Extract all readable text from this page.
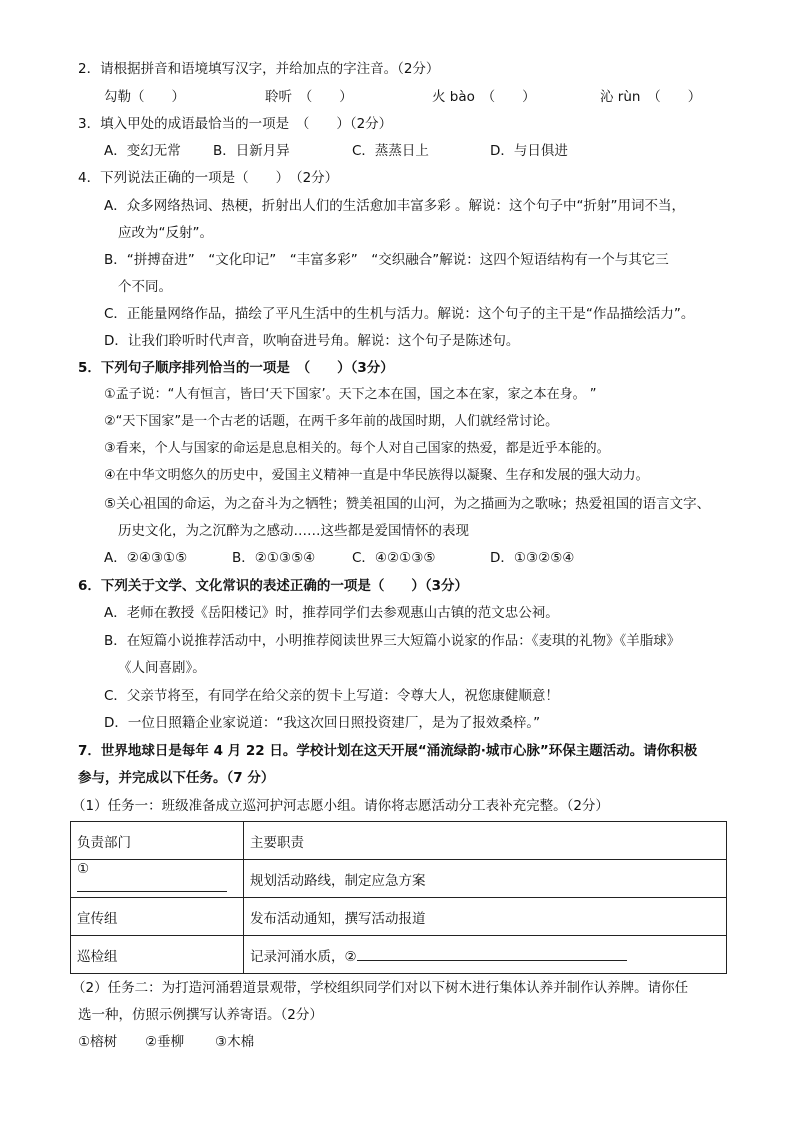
2．请根据拼音和语境填写汉字，并给加点的字注音。（2分）
勾勒（　　）	聆听　（　　）	火 bào　（　　）	沁 rùn　（　　）
3．填入甲处的成语最恰当的一项是　（　　）（2分）
A．变幻无常 B．日新月异	C．蒸蒸日上	D．与日俱进
4．下列说法正确的一项是（　　）　（2分）
A．众多网络热词、热梗，折射出人们的生活愈加丰富多彩 。解说：这个句子中“折射”用词不当，
应改为“反射”。
B．“拼搏奋进”　“文化印记”　“丰富多彩”　“交织融合”解说：这四个短语结构有一个与其它三
个不同。
C．正能量网络作品，描绘了平凡生活中的生机与活力。解说：这个句子的主干是“作品描绘活力”。
D．让我们聆听时代声音，吹响奋进号角。解说：这个句子是陈述句。
5．下列句子顺序排列恰当的一项是　（　　）（3分）
①孟子说：“人有恒言，皆曰‘天下国家’。天下之本在国，国之本在家，家之本在身。 ”
②“天下国家”是一个古老的话题，在两千多年前的战国时期，人们就经常讨论。
③看来，个人与国家的命运是息息相关的。每个人对自己国家的热爱，都是近乎本能的。
④在中华文明悠久的历史中，爱国主义精神一直是中华民族得以凝聚、生存和发展的强大动力。
⑤关心祖国的命运，为之奋斗为之牺牲；赞美祖国的山河，为之描画为之歌咏；热爱祖国的语言文字、
历史文化，为之沉醉为之感动……这些都是爱国情怀的表现
A．②④③①⑤	B．②①③⑤④	C．④②①③⑤	D．①③②⑤④
6．下列关于文学、文化常识的表述正确的一项是（　　）（3分）
A．老师在教授《岳阳楼记》时，推荐同学们去参观惠山古镇的范文忠公祠。
B．在短篇小说推荐活动中，小明推荐阅读世界三大短篇小说家的作品：《麦琪的礼物》《羊脂球》
《人间喜剧》。
C．父亲节将至，有同学在给父亲的贺卡上写道：令尊大人，祝您康健顺意！
D．一位日照籍企业家说道：“我这次回日照投资建厂，是为了报效桑梓。”
7．世界地球日是每年 4 月 22 日。学校计划在这天开展“涌流绿韵·城市心脉”环保主题活动。请你积极
参与，并完成以下任务。（7 分）
（1）任务一：班级准备成立巡河护河志愿小组。请你将志愿活动分工表补充完整。（2分）
负责部门	主要职责
①	规划活动路线，制定应急方案
宣传组	发布活动通知，撰写活动报道
巡检组	记录河涌水质，②
（2）任务二：为打造河涌碧道景观带，学校组织同学们对以下树木进行集体认养并制作认养牌。请你任
选一种，仿照示例撰写认养寄语。（2分）
①榕树 ②垂柳 ③木棉
